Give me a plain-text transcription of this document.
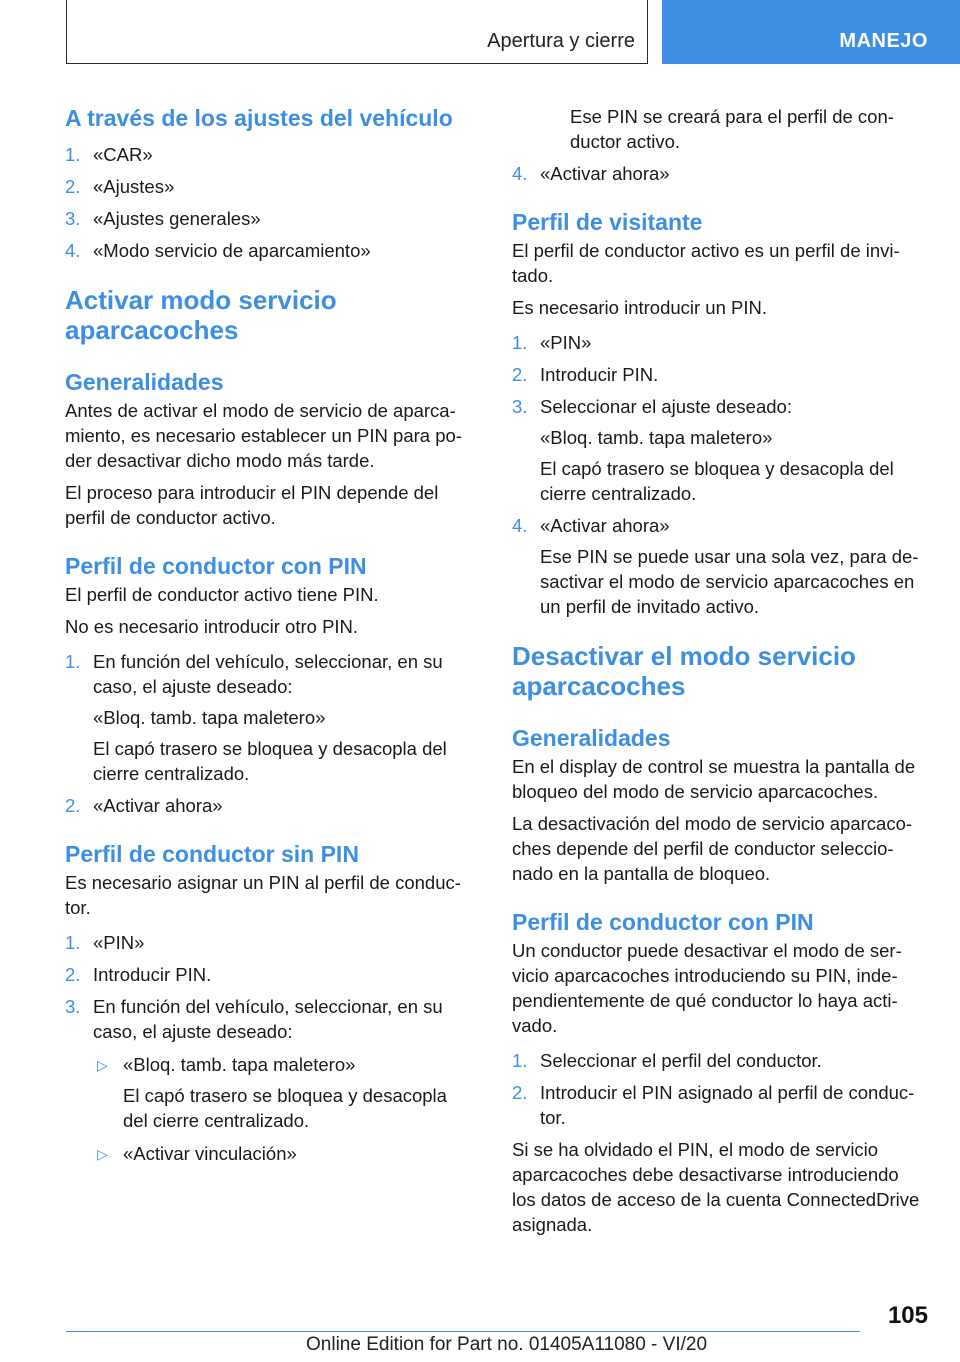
Apertura y cierre	MANEJO
A través de los ajustes del vehículo
1. «CAR»
2. «Ajustes»
3. «Ajustes generales»
4. «Modo servicio de aparcamiento»
Activar modo servicio aparcacoches
Generalidades

Antes de activar el modo de servicio de aparcamiento, es necesario establecer un PIN para poder desactivar dicho modo más tarde.

El proceso para introducir el PIN depende del perfil de conductor activo.

Perfil de conductor con PIN

El perfil de conductor activo tiene PIN.

No es necesario introducir otro PIN.

1. En función del vehículo, seleccionar, en su caso, el ajuste deseado:
«Bloq. tamb. tapa maletero»
El capó trasero se bloquea y desacopla del cierre centralizado.
2. «Activar ahora»
Perfil de conductor sin PIN

Es necesario asignar un PIN al perfil de conductor.

1. «PIN»
2. Introducir PIN.
3. En función del vehículo, seleccionar, en su caso, el ajuste deseado:
▷ «Bloq. tamb. tapa maletero»
El capó trasero se bloquea y desacopla del cierre centralizado.
▷ «Activar vinculación»

Ese PIN se creará para el perfil de conductor activo.

4. «Activar ahora»
Perfil de visitante

El perfil de conductor activo es un perfil de invitado.

Es necesario introducir un PIN.

1. «PIN»
2. Introducir PIN.
3. Seleccionar el ajuste deseado:
«Bloq. tamb. tapa maletero»
El capó trasero se bloquea y desacopla del cierre centralizado.
4. «Activar ahora»
Ese PIN se puede usar una sola vez, para desactivar el modo de servicio aparcacoches en un perfil de invitado activo.
Desactivar el modo servicio aparcacoches
Generalidades

En el display de control se muestra la pantalla de bloqueo del modo de servicio aparcacoches.

La desactivación del modo de servicio aparcacoches depende del perfil de conductor seleccionado en la pantalla de bloqueo.

Perfil de conductor con PIN

Un conductor puede desactivar el modo de servicio aparcacoches introduciendo su PIN, independientemente de qué conductor lo haya activado.

1. Seleccionar el perfil del conductor.
2. Introducir el PIN asignado al perfil de conductor.

Si se ha olvidado el PIN, el modo de servicio aparcacoches debe desactivarse introduciendo los datos de acceso de la cuenta ConnectedDrive asignada.

105
Online Edition for Part no. 01405A11080 - VI/20
